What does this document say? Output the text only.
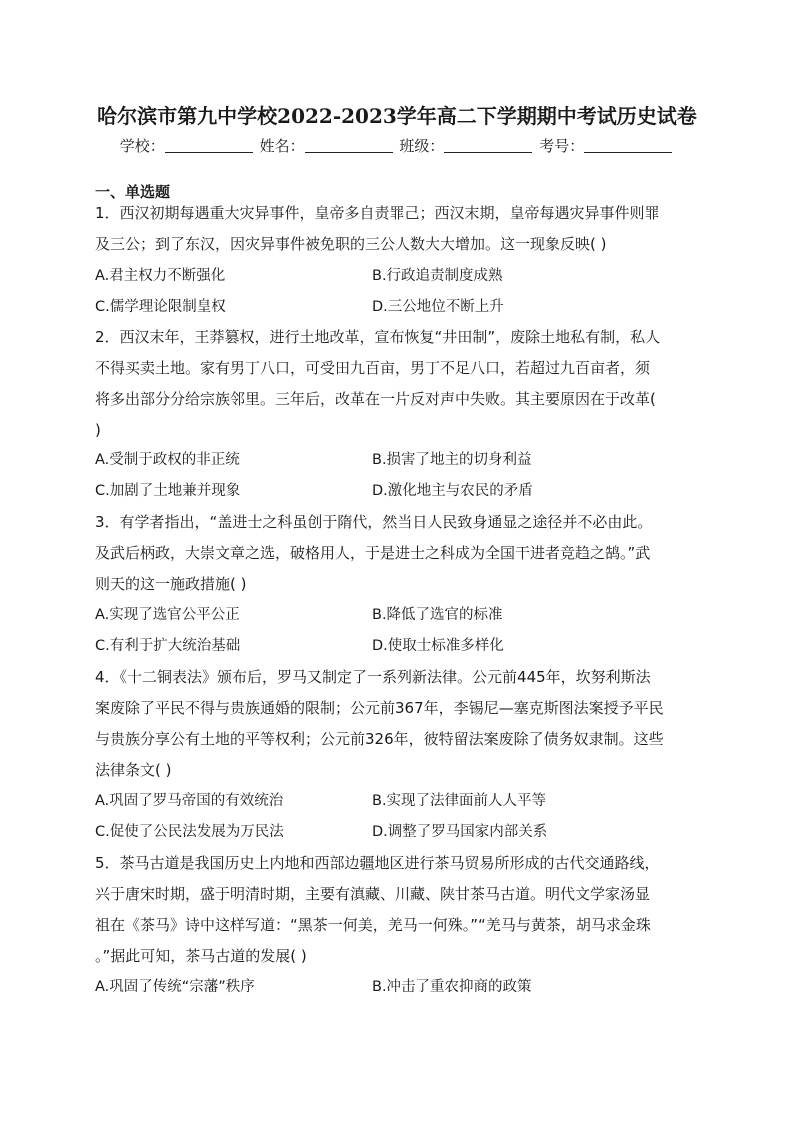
哈尔滨市第九中学校2022-2023学年高二下学期期中考试历史试卷
学校：	姓名：	班级：	考号：
一、单选题
1．西汉初期每遇重大灾异事件，皇帝多自责罪己；西汉末期，皇帝每遇灾异事件则罪
及三公；到了东汉，因灾异事件被免职的三公人数大大增加。这一现象反映( )
A.君主权力不断强化	B.行政追责制度成熟
C.儒学理论限制皇权	D.三公地位不断上升
2．西汉末年，王莽篡权，进行土地改革，宣布恢复“井田制”，废除土地私有制，私人
不得买卖土地。家有男丁八口，可受田九百亩，男丁不足八口，若超过九百亩者，须
将多出部分分给宗族邻里。三年后，改革在一片反对声中失败。其主要原因在于改革(
)
A.受制于政权的非正统	B.损害了地主的切身利益
C.加剧了土地兼并现象	D.激化地主与农民的矛盾
3．有学者指出，“盖进士之科虽创于隋代，然当日人民致身通显之途径并不必由此。
及武后柄政，大崇文章之选，破格用人，于是进士之科成为全国干进者竞趋之鹄。”武
则天的这一施政措施( )
A.实现了选官公平公正	B.降低了选官的标准
C.有利于扩大统治基础	D.使取士标准多样化
4．《十二铜表法》颁布后，罗马又制定了一系列新法律。公元前445年，坎努利斯法
案废除了平民不得与贵族通婚的限制；公元前367年，李锡尼—塞克斯图法案授予平民
与贵族分享公有土地的平等权利；公元前326年，彼特留法案废除了债务奴隶制。这些
法律条文( )
A.巩固了罗马帝国的有效统治	B.实现了法律面前人人平等
C.促使了公民法发展为万民法	D.调整了罗马国家内部关系
5．茶马古道是我国历史上内地和西部边疆地区进行茶马贸易所形成的古代交通路线，
兴于唐宋时期，盛于明清时期，主要有滇藏、川藏、陕甘茶马古道。明代文学家汤显
祖在《茶马》诗中这样写道：“黑茶一何美，羌马一何殊。”“羌马与黄茶，胡马求金珠
。”据此可知，茶马古道的发展( )
A.巩固了传统“宗藩”秩序	B.冲击了重农抑商的政策
